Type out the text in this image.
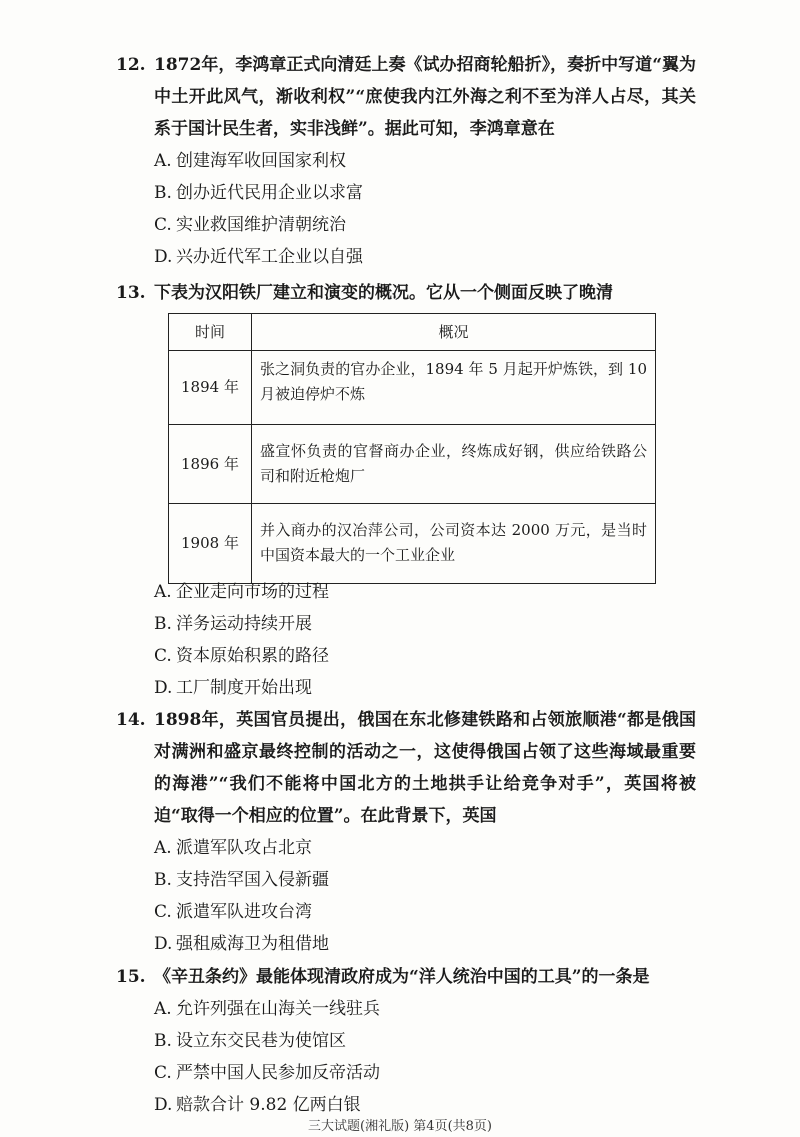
12. 1872年，李鸿章正式向清廷上奏《试办招商轮船折》，奏折中写道“翼为中土开此风气，渐收利权”“庶使我内江外海之利不至为洋人占尽，其关系于国计民生者，实非浅鲜”。据此可知，李鸿章意在

A. 创建海军收回国家利权

B. 创办近代民用企业以求富

C. 实业救国维护清朝统治

D. 兴办近代军工企业以自强

13. 下表为汉阳铁厂建立和演变的概况。它从一个侧面反映了晚清

时间	概况
1894 年	张之洞负责的官办企业，1894 年 5 月起开炉炼铁，到 10 月被迫停炉不炼
1896 年	盛宣怀负责的官督商办企业，终炼成好钢，供应给铁路公司和附近枪炮厂
1908 年	并入商办的汉冶萍公司，公司资本达 2000 万元，是当时中国资本最大的一个工业企业

A. 企业走向市场的过程

B. 洋务运动持续开展

C. 资本原始积累的路径

D. 工厂制度开始出现

14. 1898年，英国官员提出，俄国在东北修建铁路和占领旅顺港“都是俄国对满洲和盛京最终控制的活动之一，这使得俄国占领了这些海域最重要的海港”“我们不能将中国北方的土地拱手让给竞争对手”，英国将被迫“取得一个相应的位置”。在此背景下，英国

A. 派遣军队攻占北京

B. 支持浩罕国入侵新疆

C. 派遣军队进攻台湾

D. 强租威海卫为租借地

15. 《辛丑条约》最能体现清政府成为“洋人统治中国的工具”的一条是

A. 允许列强在山海关一线驻兵

B. 设立东交民巷为使馆区

C. 严禁中国人民参加反帝活动

D. 赔款合计 9.82 亿两白银

三大试题(湘礼版) 第4页(共8页)
